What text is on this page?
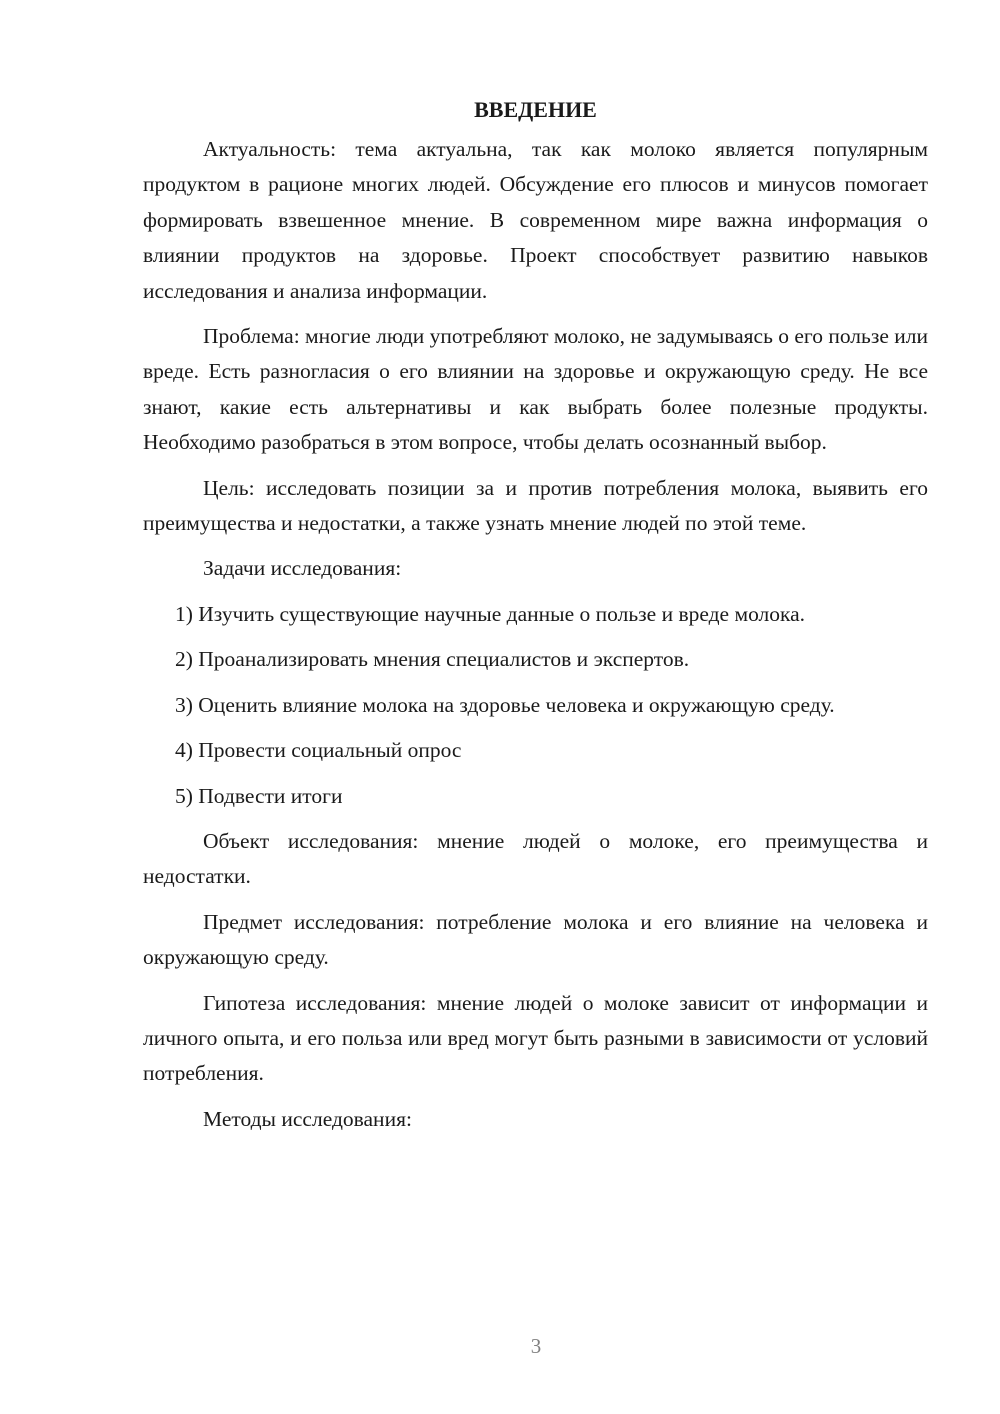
ВВЕДЕНИЕ

Актуальность: тема актуальна, так как молоко является популярным продуктом в рационе многих людей. Обсуждение его плюсов и минусов помогает формировать взвешенное мнение. В современном мире важна информация о влиянии продуктов на здоровье. Проект способствует развитию навыков исследования и анализа информации.

Проблема: многие люди употребляют молоко, не задумываясь о его пользе или вреде. Есть разногласия о его влиянии на здоровье и окружающую среду. Не все знают, какие есть альтернативы и как выбрать более полезные продукты. Необходимо разобраться в этом вопросе, чтобы делать осознанный выбор.

Цель: исследовать позиции за и против потребления молока, выявить его преимущества и недостатки, а также узнать мнение людей по этой теме.

Задачи исследования:

1) Изучить существующие научные данные о пользе и вреде молока.

2) Проанализировать мнения специалистов и экспертов.

3) Оценить влияние молока на здоровье человека и окружающую среду.

4) Провести социальный опрос

5) Подвести итоги

Объект исследования: мнение людей о молоке, его преимущества и недостатки.

Предмет исследования: потребление молока и его влияние на человека и окружающую среду.

Гипотеза исследования: мнение людей о молоке зависит от информации и личного опыта, и его польза или вред могут быть разными в зависимости от условий потребления.

Методы исследования:

3
